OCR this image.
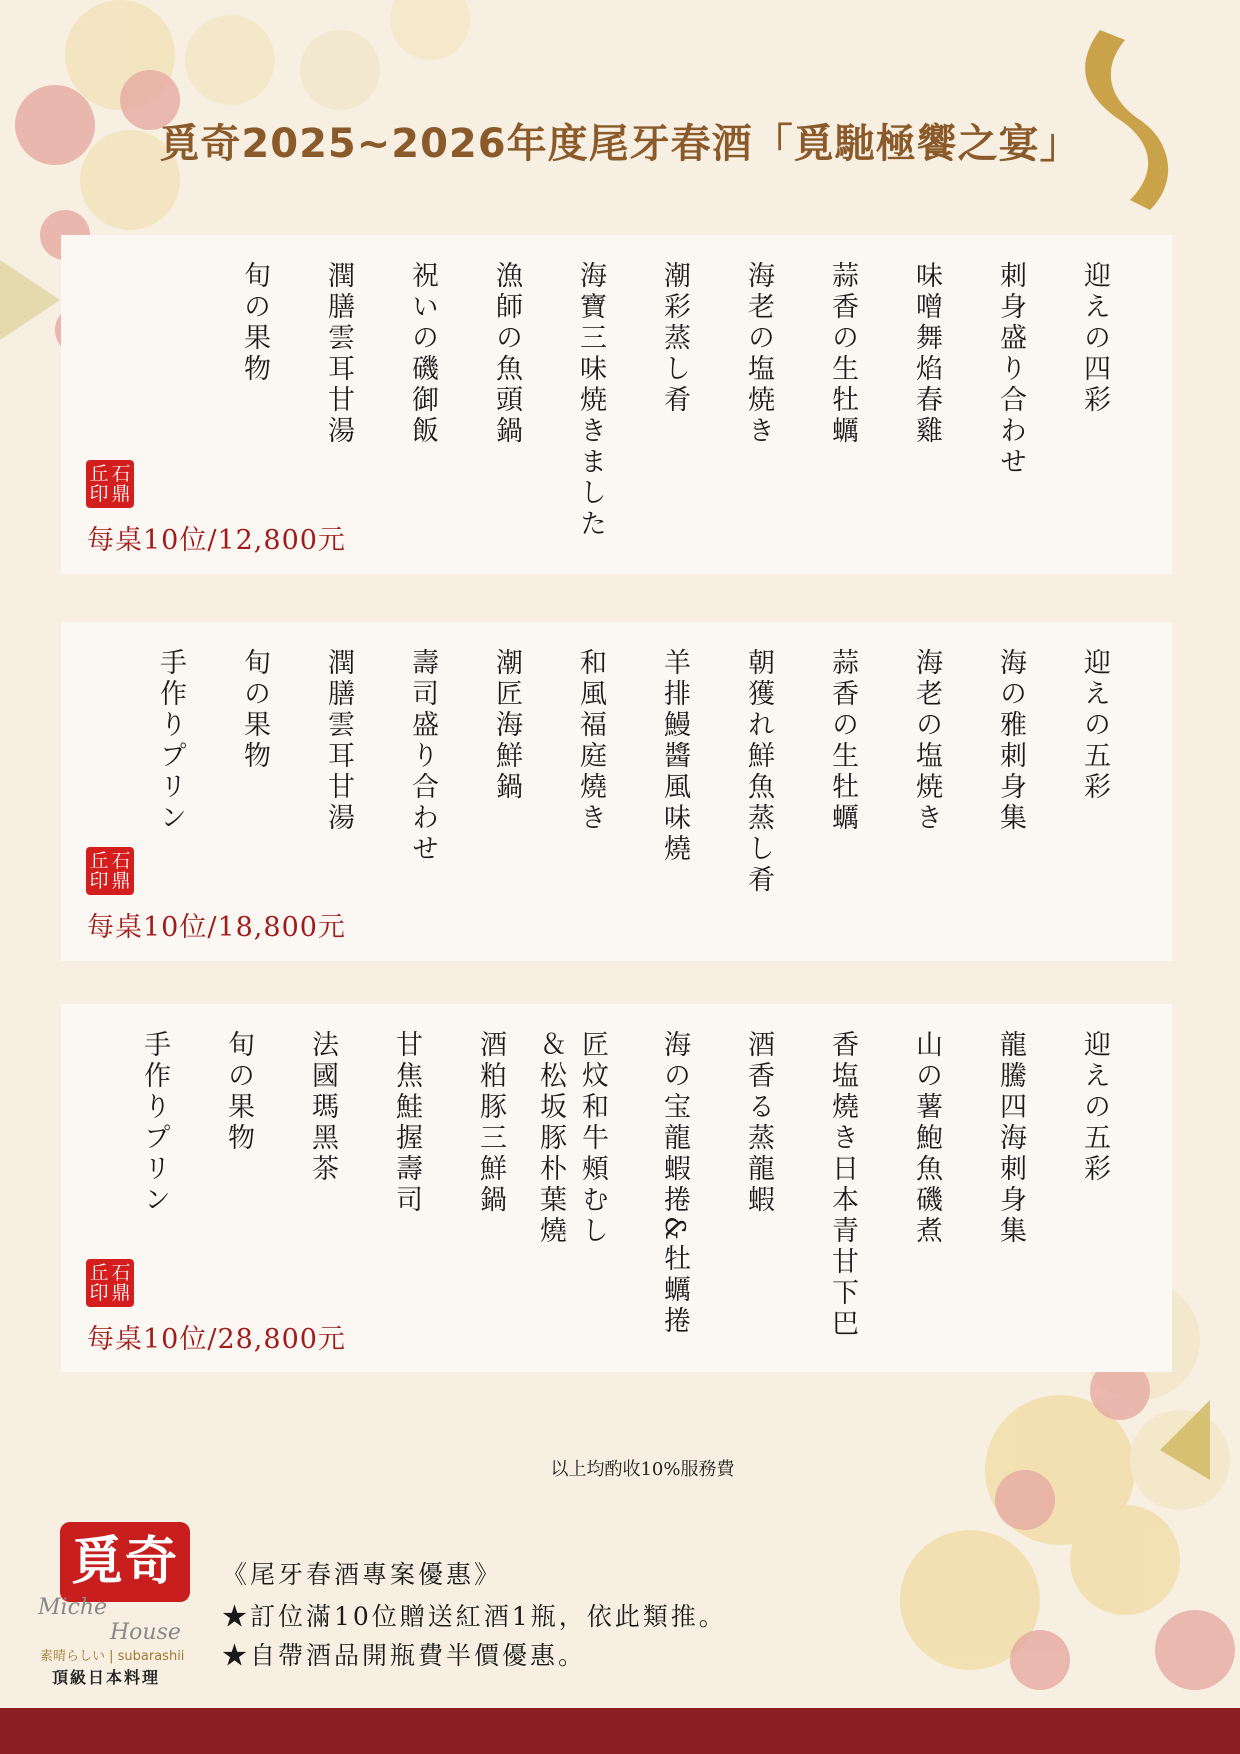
覓奇2025~2026年度尾牙春酒「覓馳極饗之宴」
迎えの四彩
刺身盛り合わせ
味噌舞焰春雞
蒜香の生牡蠣
海老の塩焼き
潮彩蒸し肴
海寶三味焼きました
漁師の魚頭鍋
祝いの磯御飯
潤膳雲耳甘湯
旬の果物
丘 石
印 鼎
每桌10位/12,800元
迎えの五彩
海の雅刺身集
海老の塩焼き
蒜香の生牡蠣
朝獲れ鮮魚蒸し肴
羊排鰻醬風味燒
和風福庭燒き
潮匠海鮮鍋
壽司盛り合わせ
潤膳雲耳甘湯
旬の果物
手作りプリン
丘 石
印 鼎
每桌10位/18,800元
迎えの五彩
龍騰四海刺身集
山の薯鮑魚磯煮
香塩燒き日本青甘下巴
酒香る蒸龍蝦
海の宝龍蝦捲&牡蠣捲
匠炆和牛頰むし
＆松坂豚朴葉燒
酒粕豚三鮮鍋
甘焦鮭握壽司
法國瑪黑茶
旬の果物
手作りプリン
丘 石
印 鼎
每桌10位/28,800元
以上均酌收10%服務費
覓奇
Miche
House
素晴らしい | subarashii
頂級日本料理
《尾牙春酒專案優惠》
★訂位滿10位贈送紅酒1瓶，依此類推。
★自帶酒品開瓶費半價優惠。
